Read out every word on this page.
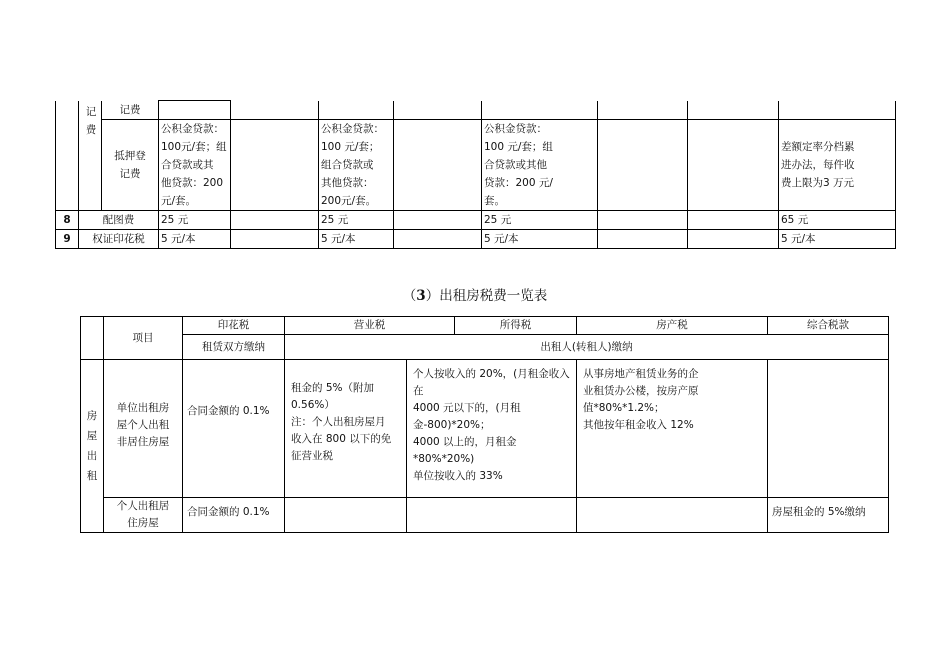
	记
费	记费									

		抵押登
记费	公积金贷款：
100元/套；组
合贷款或其
他贷款：200
元/套。		公积金贷款：
100 元/套；
组合贷款或
其他贷款：
200元/套。		公积金贷款：
100 元/套；组
合贷款或其他
贷款：200 元/
套。			差额定率分档累
进办法，每件收
费上限为3 万元	

8	配图费		25 元		25 元		25 元			65 元	
9	权证印花税		5 元/本		5 元/本		5 元/本			5 元/本	
（3）出租房税费一览表
	项目	印花税	营业税		所得税	房产税	综合税款
		租赁双方缴纳	出租人(转租人)缴纳				

房
屋
出
租	单位出租房
屋个人出租
非居住房屋	合同金额的 0.1%	租金的 5%（附加
0.56%）
注：个人出租房屋月
收入在 800 以下的免
征营业税	个人按收入的 20%，(月租金收入在
4000 元以下的，(月租金-800)*20%；
4000 以上的，月租金*80%*20%)
单位按收入的 33%		从事房地产租赁业务的企
业租赁办公楼，按房产原
值*80%*1.2%；
其他按年租金收入 12%	

	个人出租居
住房屋	合同金额的 0.1%					房屋租金的 5%缴纳
